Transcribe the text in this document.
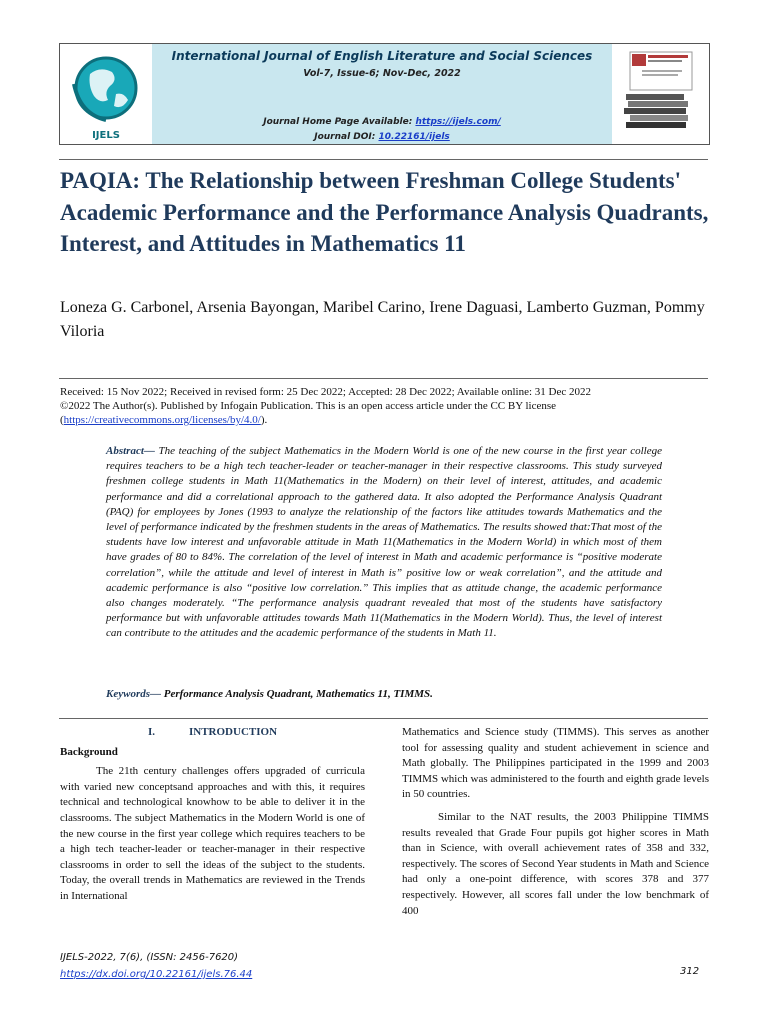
IJELS
International Journal of English Literature and Social Sciences
Vol-7, Issue-6; Nov-Dec, 2022
Journal Home Page Available: https://ijels.com/
Journal DOI: 10.22161/ijels
PAQIA: The Relationship between Freshman College Students' Academic Performance and the Performance Analysis Quadrants, Interest, and Attitudes in Mathematics 11
Loneza G. Carbonel, Arsenia Bayongan, Maribel Carino, Irene Daguasi, Lamberto Guzman, Pommy Viloria
Received: 15 Nov 2022; Received in revised form: 25 Dec 2022; Accepted: 28 Dec 2022; Available online: 31 Dec 2022
©2022 The Author(s). Published by Infogain Publication. This is an open access article under the CC BY license
(https://creativecommons.org/licenses/by/4.0/).
Abstract— The teaching of the subject Mathematics in the Modern World is one of the new course in the first year college requires teachers to be a high tech teacher-leader or teacher-manager in their respective classrooms. This study surveyed freshmen college students in Math 11(Mathematics in the Modern) on their level of interest, attitudes, and academic performance and did a correlational approach to the gathered data. It also adopted the Performance Analysis Quadrant (PAQ) for employees by Jones (1993 to analyze the relationship of the factors like attitudes towards Mathematics and the level of performance indicated by the freshmen students in the areas of Mathematics. The results showed that:That most of the students have low interest and unfavorable attitude in Math 11(Mathematics in the Modern World) in which most of them have grades of 80 to 84%. The correlation of the level of interest in Math and academic performance is “positive moderate correlation”, while the attitude and level of interest in Math is” positive low or weak correlation”, and the attitude and academic performance is also “positive low correlation.” This implies that as attitude change, the academic performance also changes moderately. “The performance analysis quadrant revealed that most of the students have satisfactory performance but with unfavorable attitudes towards Math 11(Mathematics in the Modern World). Thus, the level of interest can contribute to the attitudes and the academic performance of the students in Math 11.
Keywords— Performance Analysis Quadrant, Mathematics 11, TIMMS.
I.	INTRODUCTION
Background

The 21th century challenges offers upgraded of curricula with varied new conceptsand approaches and with this, it requires technical and technological knowhow to be able to deliver it in the classrooms. The subject Mathematics in the Modern World is one of the new course in the first year college which requires teachers to be a high tech teacher-leader or teacher-manager in their respective classrooms in order to sell the ideas of the subject to the students. Today, the overall trends in Mathematics are reviewed in the Trends in International

Mathematics and Science study (TIMMS). This serves as another tool for assessing quality and student achievement in science and Math globally. The Philippines participated in the 1999 and 2003 TIMMS which was administered to the fourth and eighth grade levels in 50 countries.

Similar to the NAT results, the 2003 Philippine TIMMS results revealed that Grade Four pupils got higher scores in Math than in Science, with overall achievement rates of 358 and 332, respectively. The scores of Second Year students in Math and Science had only a one-point difference, with scores 378 and 377 respectively. However, all scores fall under the low benchmark of 400

IJELS-2022, 7(6), (ISSN: 2456-7620)
https://dx.doi.org/10.22161/ijels.76.44	312
